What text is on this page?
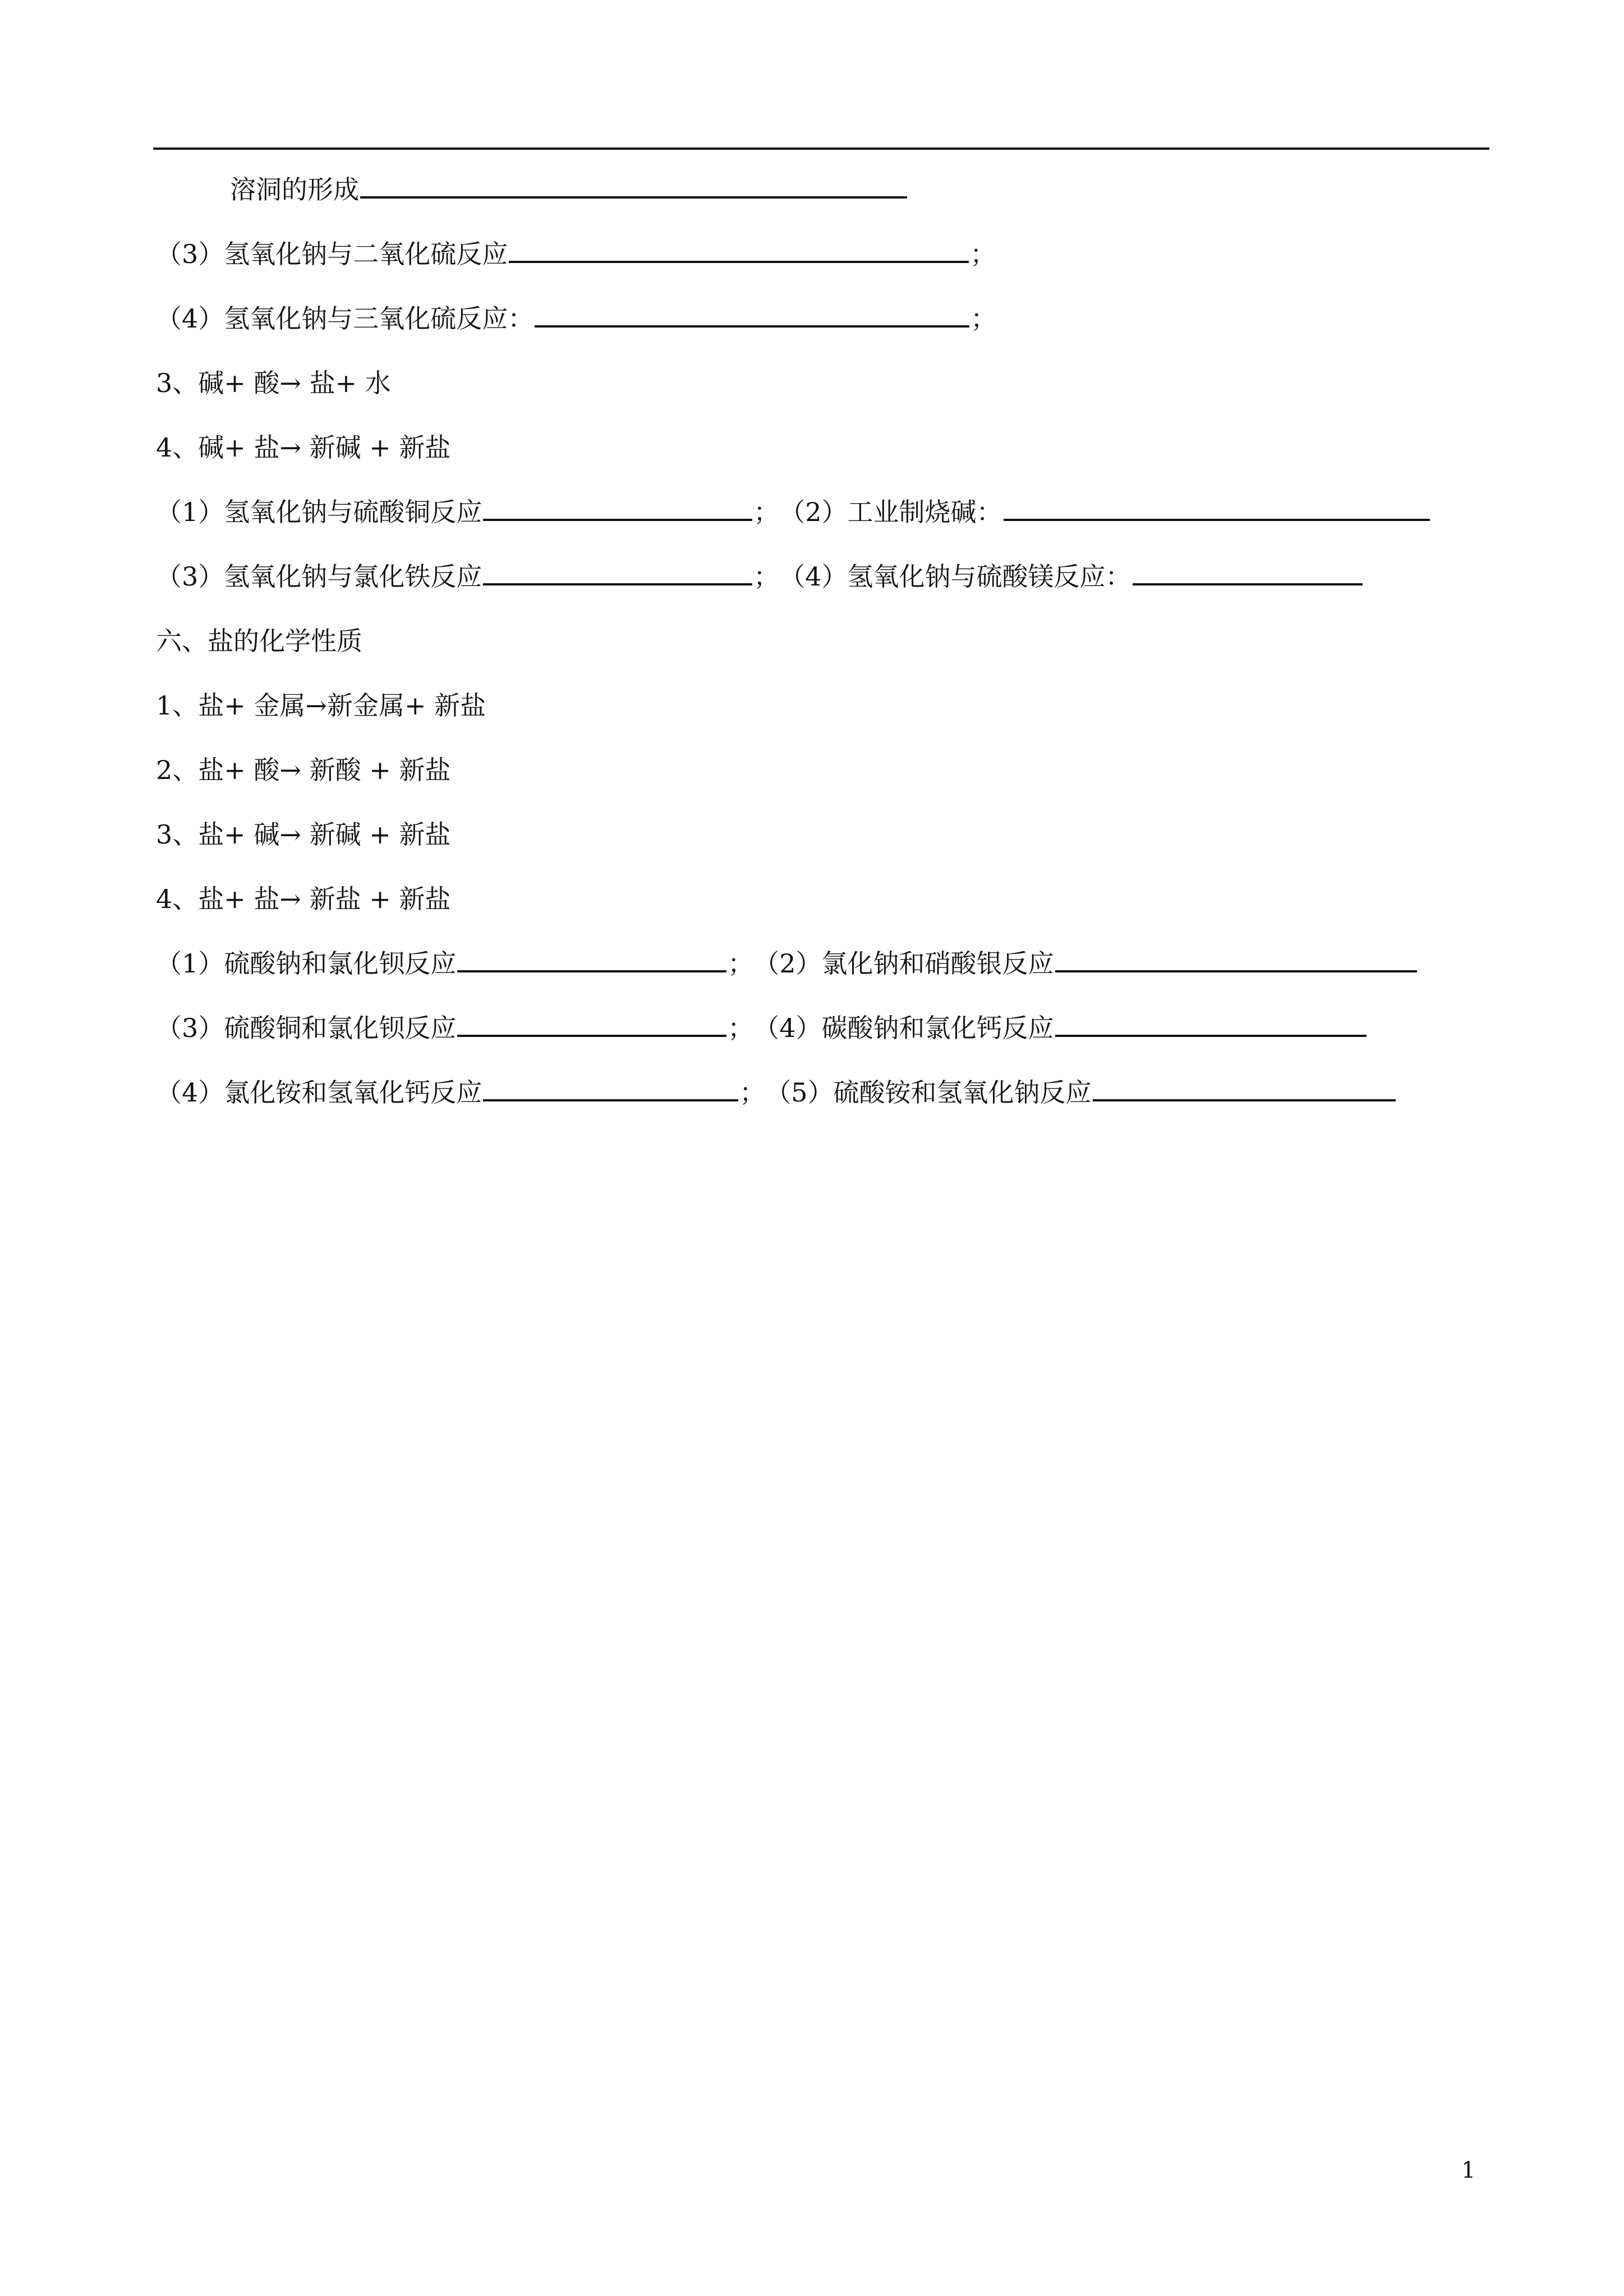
溶洞的形成
（3）氢氧化钠与二氧化硫反应	；
（4）氢氧化钠与三氧化硫反应：	；
3、碱+ 酸→ 盐+ 水
4、碱+ 盐→ 新碱 + 新盐
（1）氢氧化钠与硫酸铜反应	；（2）工业制烧碱：
（3）氢氧化钠与氯化铁反应	；（4）氢氧化钠与硫酸镁反应：
六、盐的化学性质
1、盐+ 金属→新金属+ 新盐
2、盐+ 酸→ 新酸 + 新盐
3、盐+ 碱→ 新碱 + 新盐
4、盐+ 盐→ 新盐 + 新盐
（1）硫酸钠和氯化钡反应	；（2）氯化钠和硝酸银反应
（3）硫酸铜和氯化钡反应	；（4）碳酸钠和氯化钙反应
（4）氯化铵和氢氧化钙反应	；（5）硫酸铵和氢氧化钠反应
1
